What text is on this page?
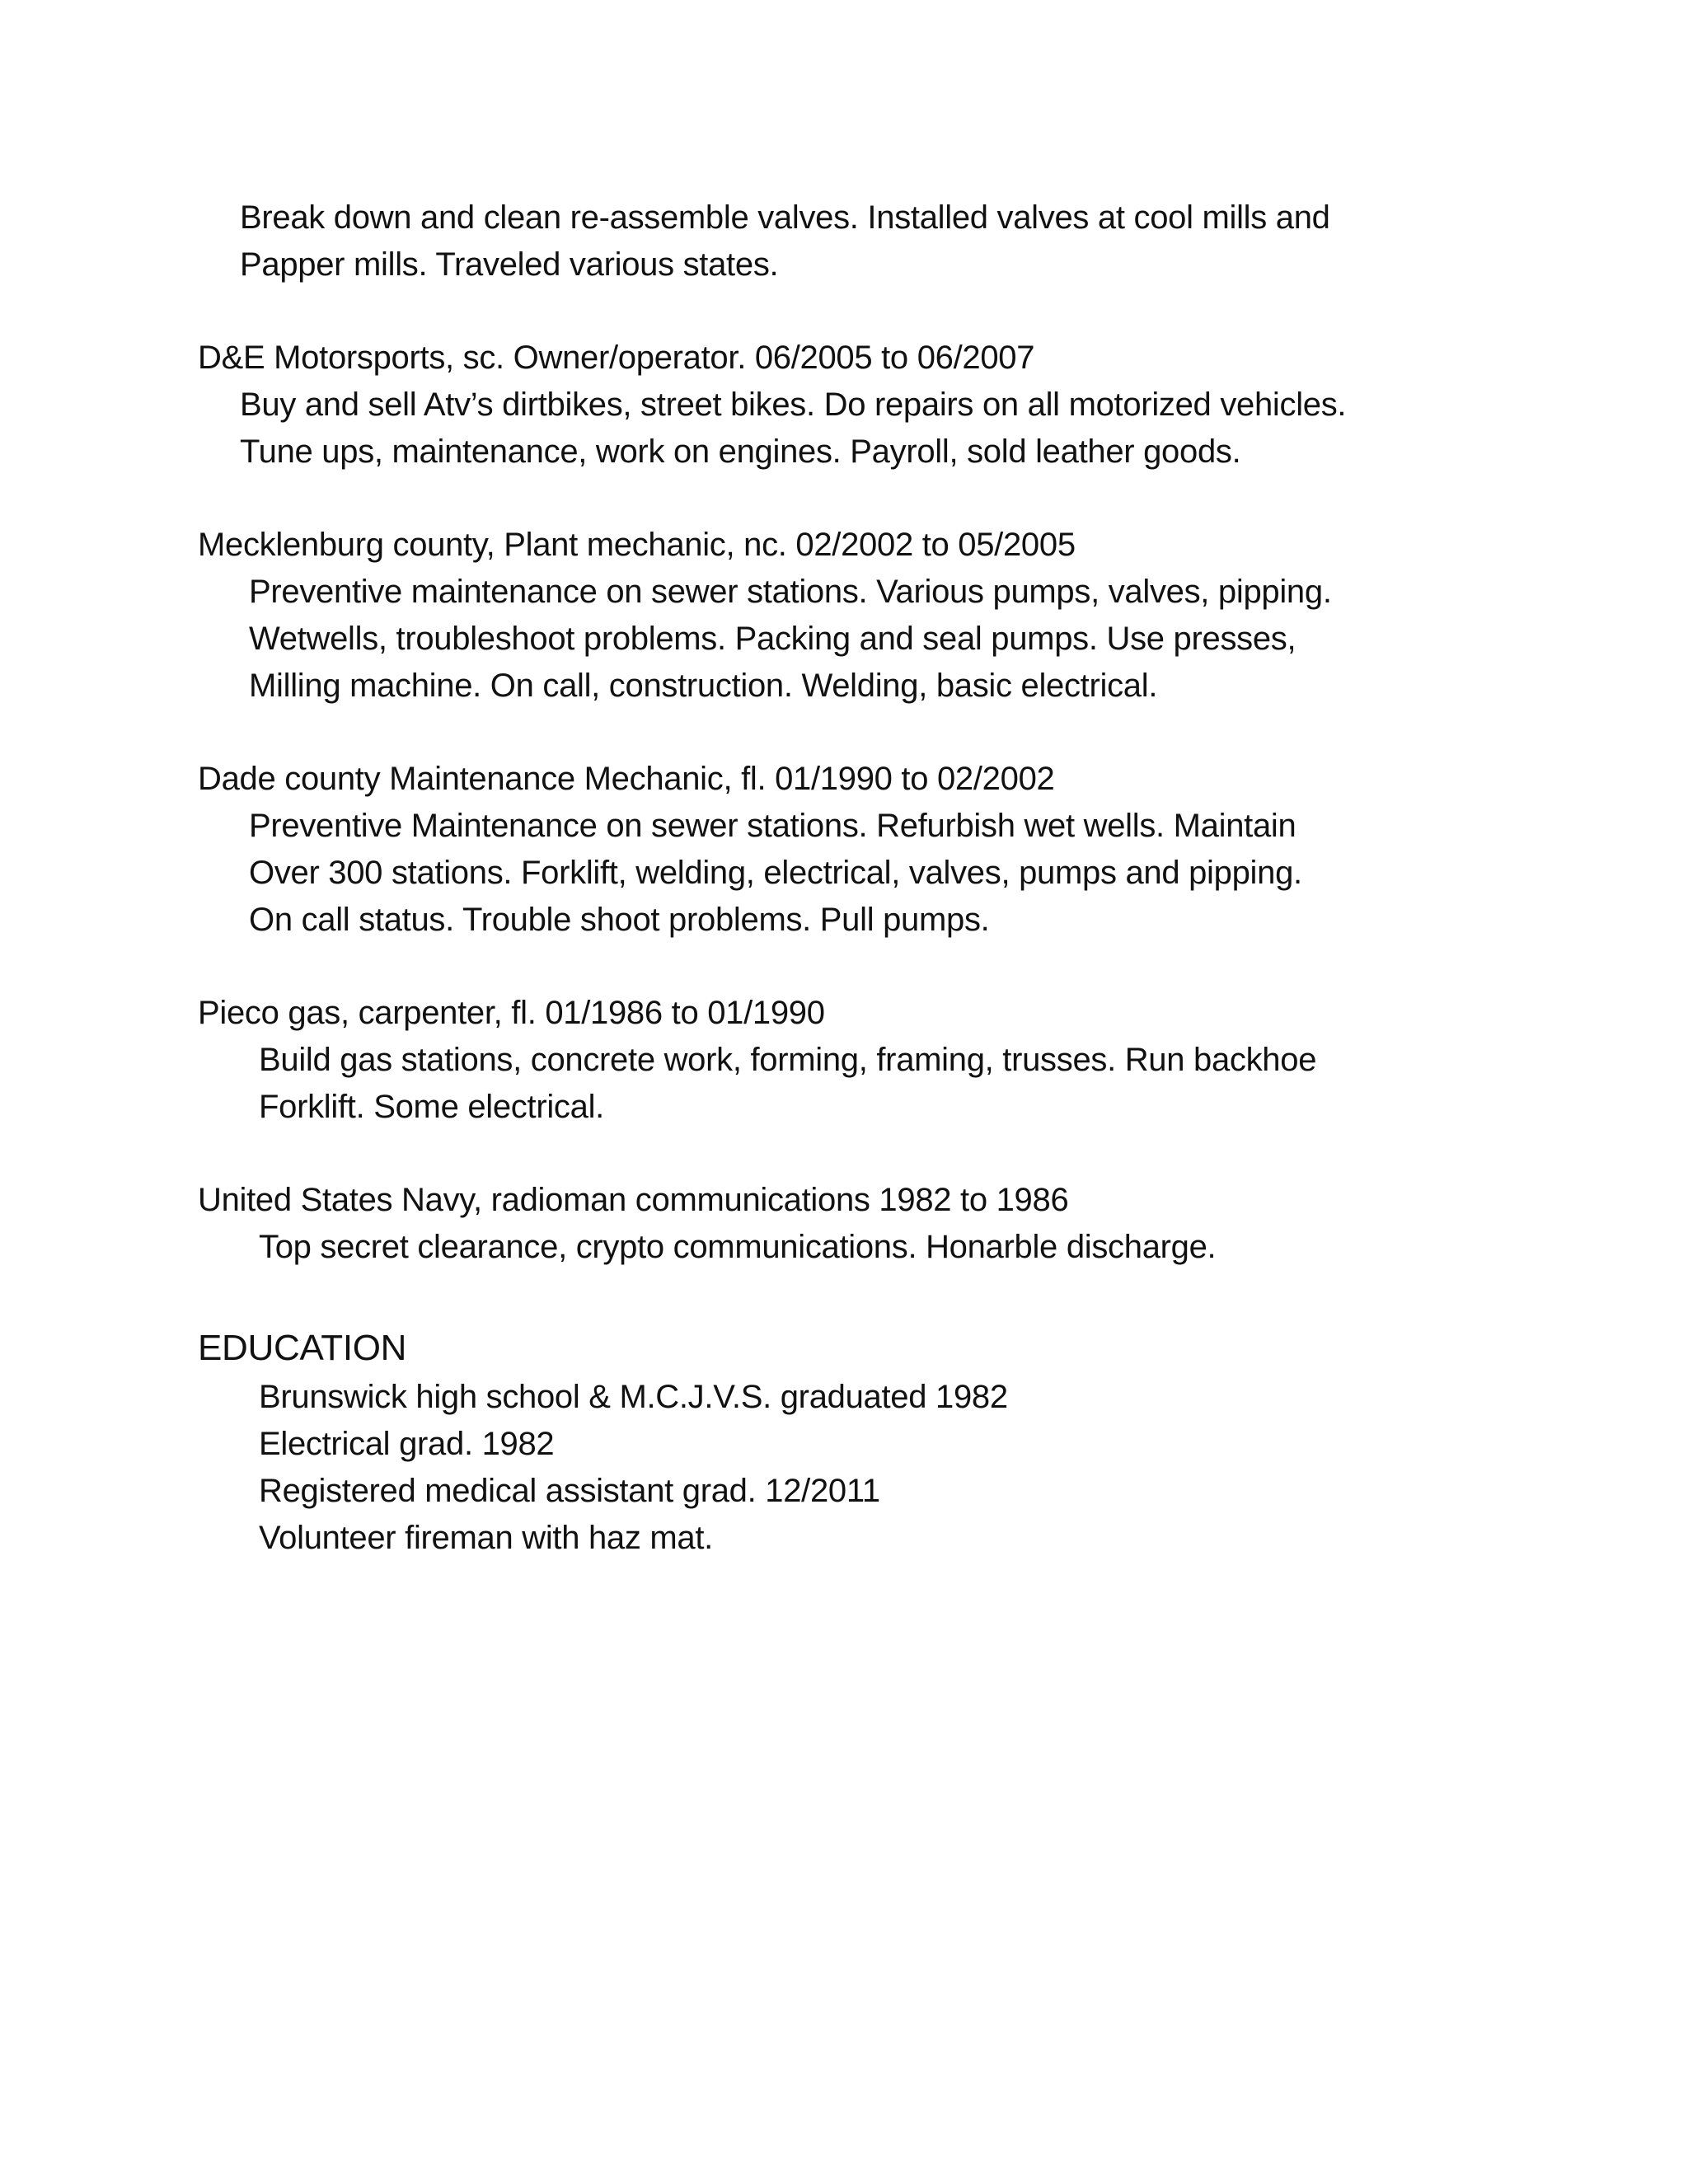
Break down and clean re-assemble valves. Installed valves at cool mills and
Papper mills. Traveled various states.
D&E Motorsports, sc. Owner/operator. 06/2005 to 06/2007
Buy and sell Atv’s dirtbikes, street bikes. Do repairs on all motorized vehicles.
Tune ups, maintenance, work on engines. Payroll, sold leather goods.
Mecklenburg county, Plant mechanic, nc. 02/2002 to 05/2005
Preventive maintenance on sewer stations. Various pumps, valves, pipping.
Wetwells, troubleshoot problems. Packing and seal pumps. Use presses,
Milling machine. On call, construction. Welding, basic electrical.
Dade county Maintenance Mechanic, fl. 01/1990 to 02/2002
Preventive Maintenance on sewer stations. Refurbish wet wells. Maintain
Over 300 stations. Forklift, welding, electrical, valves, pumps and pipping.
On call status. Trouble shoot problems. Pull pumps.
Pieco gas, carpenter, fl. 01/1986 to 01/1990
Build gas stations, concrete work, forming, framing, trusses. Run backhoe
Forklift. Some electrical.
United States Navy, radioman communications 1982 to 1986
Top secret clearance, crypto communications. Honarble discharge.
EDUCATION
Brunswick high school & M.C.J.V.S. graduated 1982
Electrical grad. 1982
Registered medical assistant grad. 12/2011
Volunteer fireman with haz mat.
